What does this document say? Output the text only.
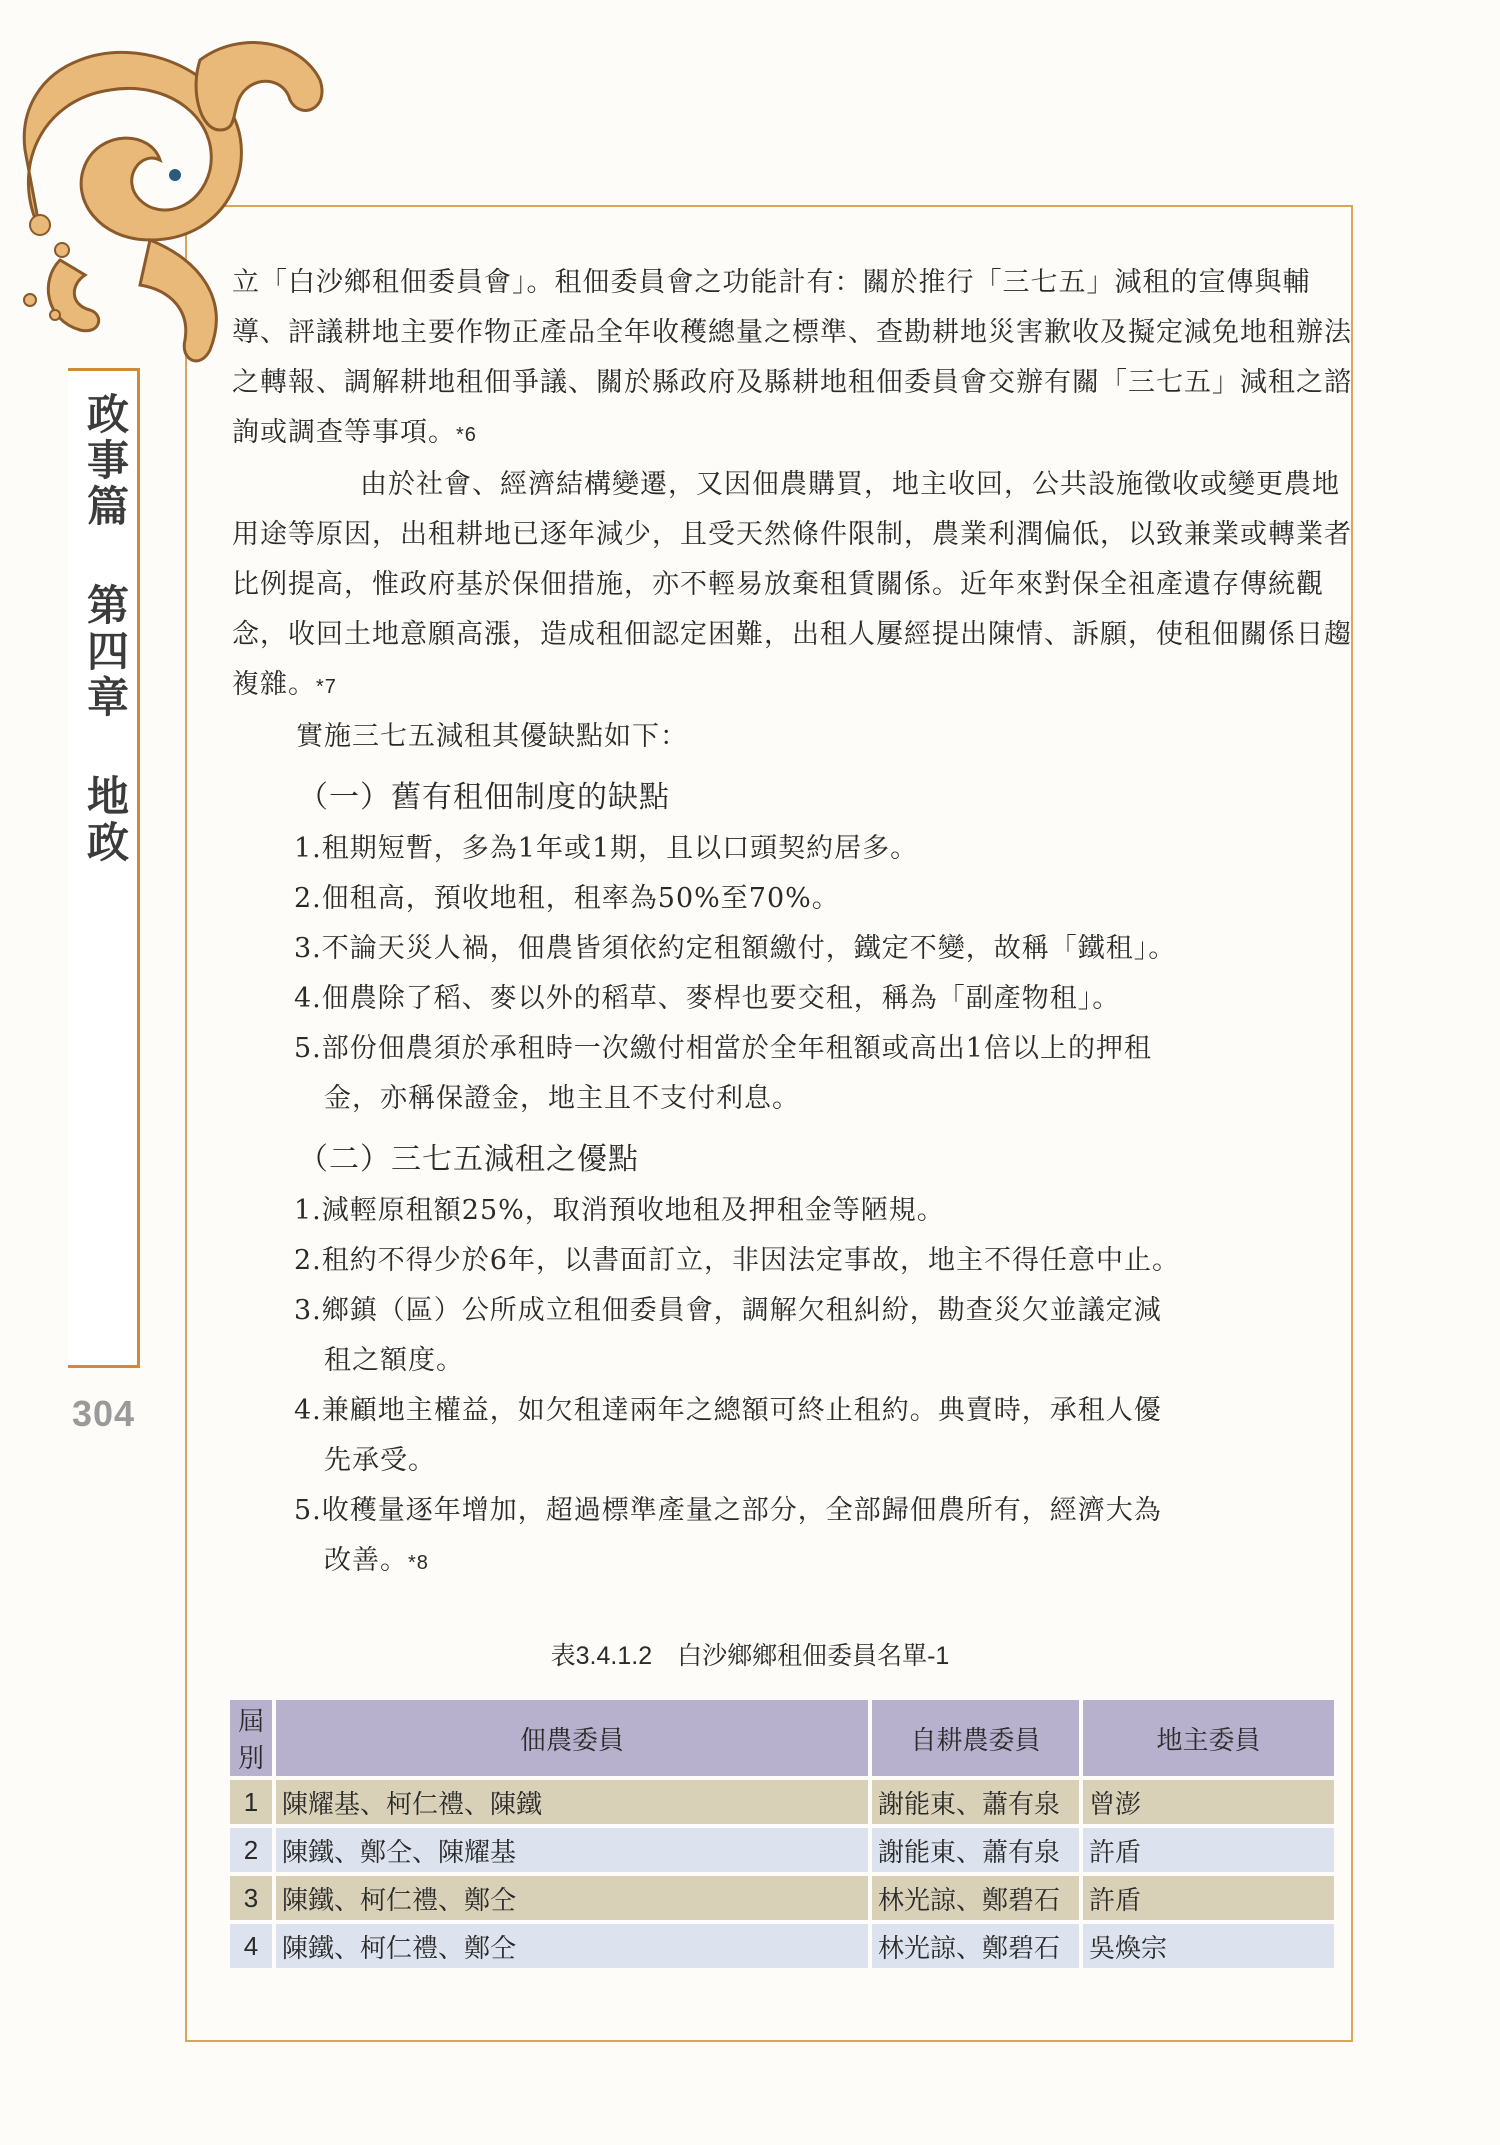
政事篇 第四章 地政
304

立「白沙鄉租佃委員會」。租佃委員會之功能計有：關於推行「三七五」減租的宣傳與輔導、評議耕地主要作物正產品全年收穫總量之標準、查勘耕地災害歉收及擬定減免地租辦法之轉報、調解耕地租佃爭議、關於縣政府及縣耕地租佃委員會交辦有關「三七五」減租之諮詢或調查等事項。*6

由於社會、經濟結構變遷，又因佃農購買，地主收回，公共設施徵收或變更農地用途等原因，出租耕地已逐年減少，且受天然條件限制，農業利潤偏低，以致兼業或轉業者比例提高，惟政府基於保佃措施，亦不輕易放棄租賃關係。近年來對保全祖產遺存傳統觀念，收回土地意願高漲，造成租佃認定困難，出租人屢經提出陳情、訴願，使租佃關係日趨複雜。*7

實施三七五減租其優缺點如下：

（一）舊有租佃制度的缺點
1.租期短暫，多為1年或1期，且以口頭契約居多。
2.佃租高，預收地租，租率為50%至70%。
3.不論天災人禍，佃農皆須依約定租額繳付，鐵定不變，故稱「鐵租」。
4.佃農除了稻、麥以外的稻草、麥桿也要交租，稱為「副產物租」。
5.部份佃農須於承租時一次繳付相當於全年租額或高出1倍以上的押租
金，亦稱保證金，地主且不支付利息。
（二）三七五減租之優點
1.減輕原租額25%，取消預收地租及押租金等陋規。
2.租約不得少於6年，以書面訂立，非因法定事故，地主不得任意中止。
3.鄉鎮（區）公所成立租佃委員會，調解欠租糾紛，勘查災欠並議定減
租之額度。
4.兼顧地主權益，如欠租達兩年之總額可終止租約。典賣時，承租人優
先承受。
5.收穫量逐年增加，超過標準產量之部分，全部歸佃農所有，經濟大為
改善。*8
表3.4.1.2　白沙鄉鄉租佃委員名單-1
屆別	佃農委員	自耕農委員	地主委員
1	陳耀基、柯仁禮、陳鐵	謝能東、蕭有泉	曾澎
2	陳鐵、鄭仝、陳耀基	謝能東、蕭有泉	許盾
3	陳鐵、柯仁禮、鄭仝	林光諒、鄭碧石	許盾
4	陳鐵、柯仁禮、鄭仝	林光諒、鄭碧石	吳煥宗
